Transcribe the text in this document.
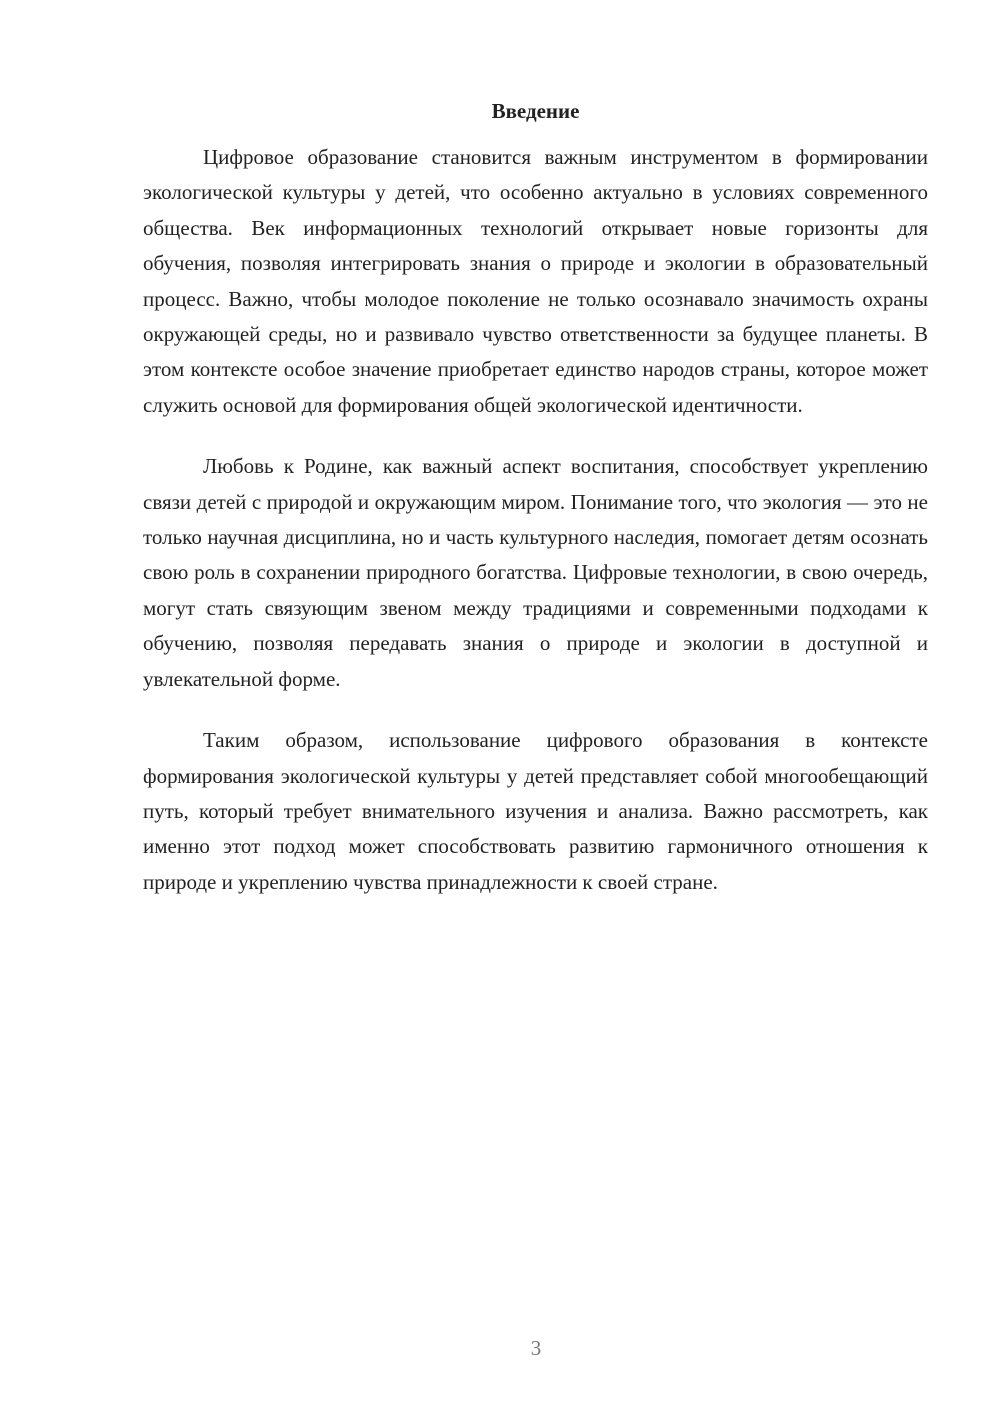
Введение

Цифровое образование становится важным инструментом в формировании экологической культуры у детей, что особенно актуально в условиях современного общества. Век информационных технологий открывает новые горизонты для обучения, позволяя интегрировать знания о природе и экологии в образовательный процесс. Важно, чтобы молодое поколение не только осознавало значимость охраны окружающей среды, но и развивало чувство ответственности за будущее планеты. В этом контексте особое значение приобретает единство народов страны, которое может служить основой для формирования общей экологической идентичности.

Любовь к Родине, как важный аспект воспитания, способствует укреплению связи детей с природой и окружающим миром. Понимание того, что экология — это не только научная дисциплина, но и часть культурного наследия, помогает детям осознать свою роль в сохранении природного богатства. Цифровые технологии, в свою очередь, могут стать связующим звеном между традициями и современными подходами к обучению, позволяя передавать знания о природе и экологии в доступной и увлекательной форме.

Таким образом, использование цифрового образования в контексте формирования экологической культуры у детей представляет собой многообещающий путь, который требует внимательного изучения и анализа. Важно рассмотреть, как именно этот подход может способствовать развитию гармоничного отношения к природе и укреплению чувства принадлежности к своей стране.

3
